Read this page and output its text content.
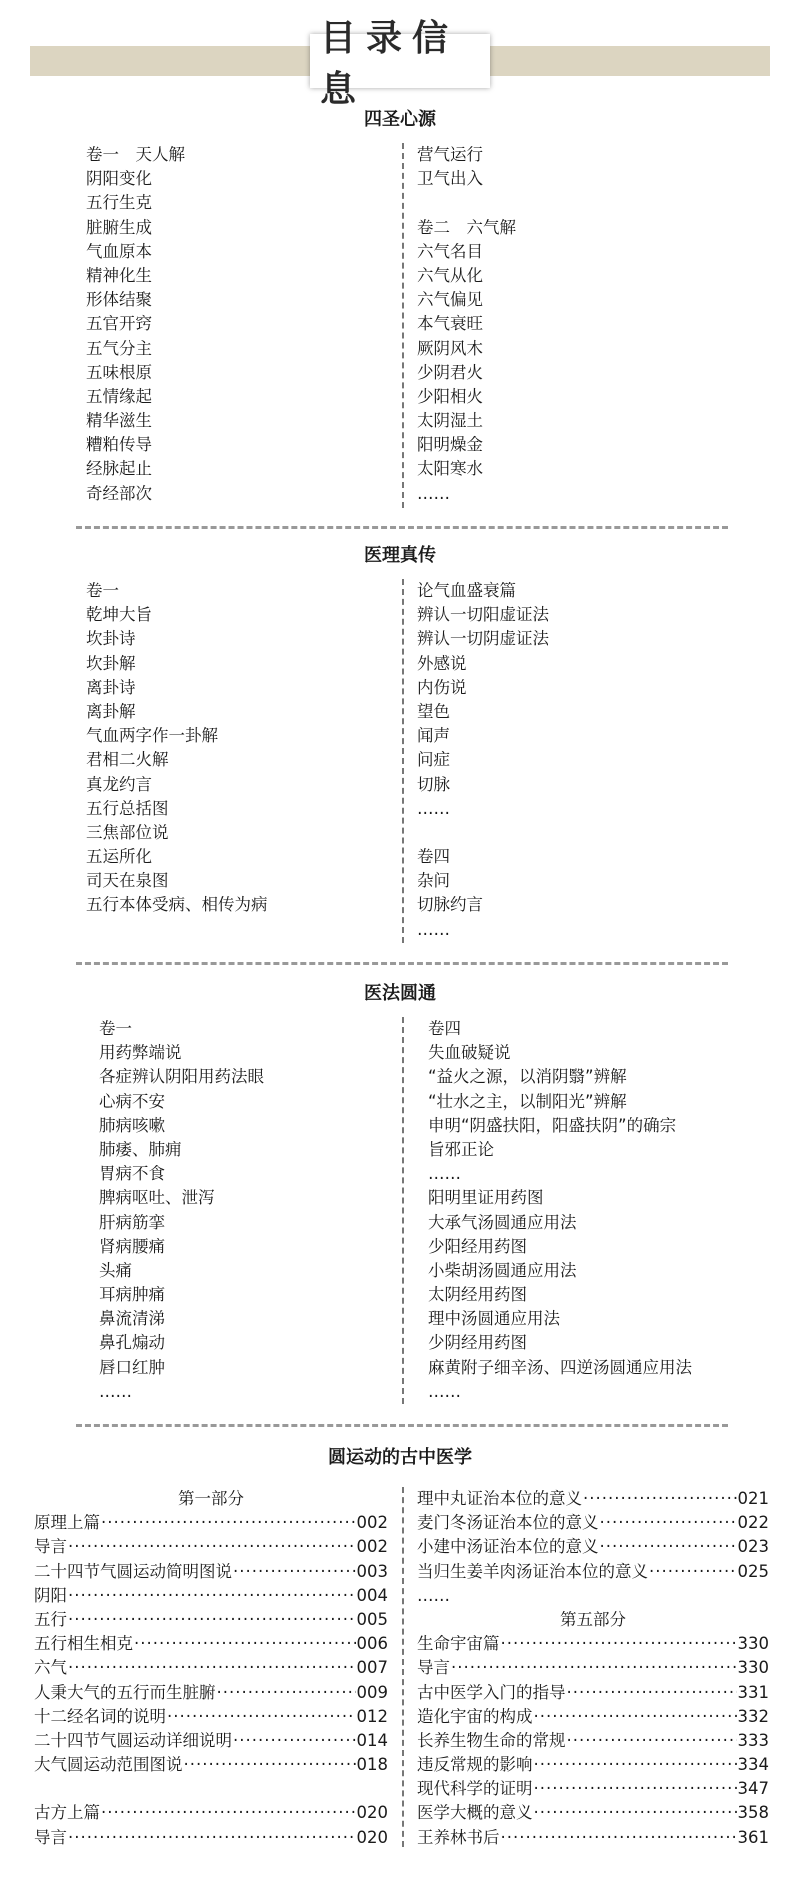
目录信息
四圣心源
卷一　天人解
阴阳变化
五行生克
脏腑生成
气血原本
精神化生
形体结聚
五官开窍
五气分主
五味根原
五情缘起
精华滋生
糟粕传导
经脉起止
奇经部次
营气运行
卫气出入
卷二　六气解
六气名目
六气从化
六气偏见
本气衰旺
厥阴风木
少阴君火
少阳相火
太阴湿土
阳明燥金
太阳寒水
……
医理真传
卷一
乾坤大旨
坎卦诗
坎卦解
离卦诗
离卦解
气血两字作一卦解
君相二火解
真龙约言
五行总括图
三焦部位说
五运所化
司天在泉图
五行本体受病、相传为病
论气血盛衰篇
辨认一切阳虚证法
辨认一切阴虚证法
外感说
内伤说
望色
闻声
问症
切脉
……
卷四
杂问
切脉约言
……
医法圆通
卷一
用药弊端说
各症辨认阴阳用药法眼
心病不安
肺病咳嗽
肺痿、肺痈
胃病不食
脾病呕吐、泄泻
肝病筋挛
肾病腰痛
头痛
耳病肿痛
鼻流清涕
鼻孔煽动
唇口红肿
……
卷四
失血破疑说
“益火之源，以消阴翳”辨解
“壮水之主，以制阳光”辨解
申明“阴盛扶阳，阳盛扶阴”的确宗
旨邪正论
……
阳明里证用药图
大承气汤圆通应用法
少阳经用药图
小柴胡汤圆通应用法
太阴经用药图
理中汤圆通应用法
少阴经用药图
麻黄附子细辛汤、四逆汤圆通应用法
……
圆运动的古中医学
第一部分
原理上篇 ·····	002
导言 ·····	002
二十四节气圆运动简明图说 ·····	003
阴阳 ·····	004
五行 ·····	005
五行相生相克 ·····	006
六气 ·····	007
人秉大气的五行而生脏腑 ·····	009
十二经名词的说明 ·····	012
二十四节气圆运动详细说明 ·····	014
大气圆运动范围图说 ·····	018
古方上篇 ·····	020
导言 ·····	020
理中丸证治本位的意义 ·····	021
麦门冬汤证治本位的意义 ·····	022
小建中汤证治本位的意义 ·····	023
当归生姜羊肉汤证治本位的意义 ·····	025
……
第五部分
生命宇宙篇 ·····	330
导言 ·····	330
古中医学入门的指导 ·····	331
造化宇宙的构成 ·····	332
长养生物生命的常规 ·····	333
违反常规的影响 ·····	334
现代科学的证明 ·····	347
医学大概的意义 ·····	358
王养林书后 ·····	361
